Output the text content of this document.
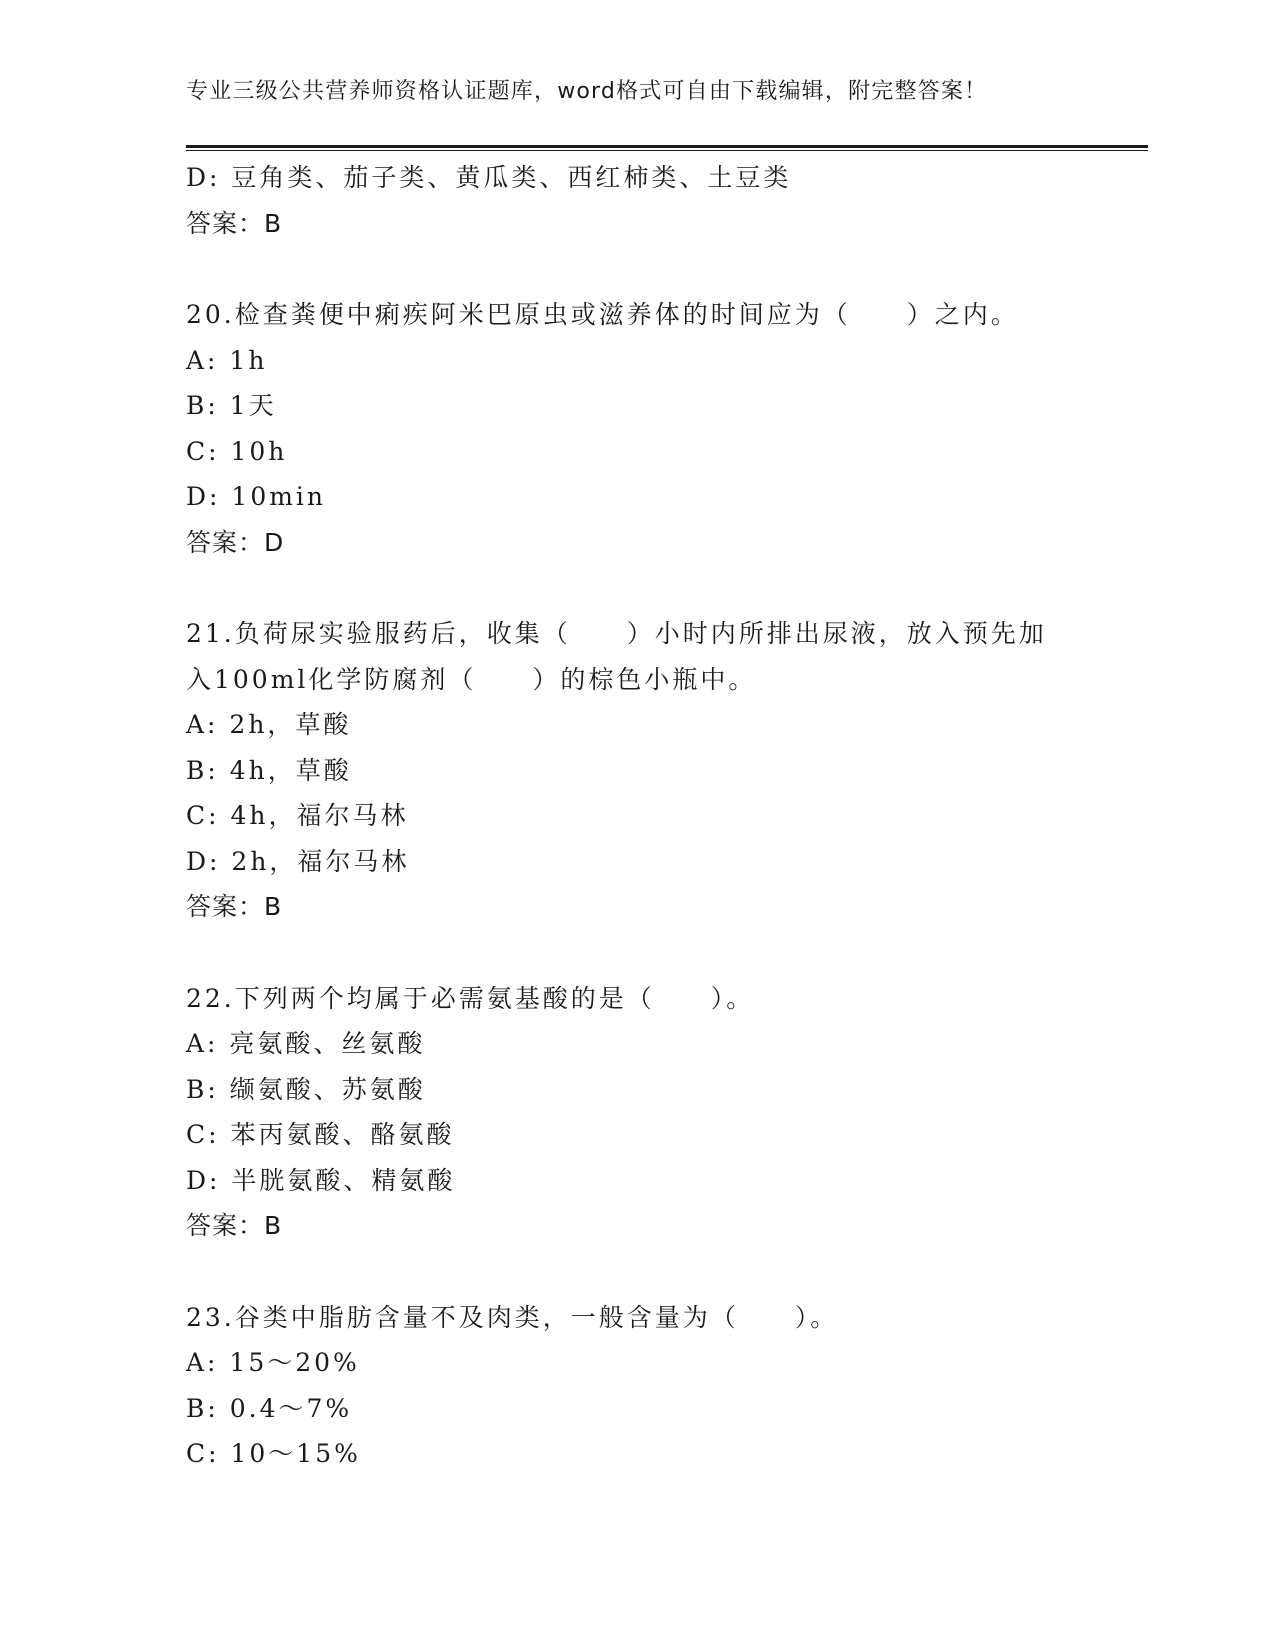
专业三级公共营养师资格认证题库，word格式可自由下载编辑，附完整答案！
D: 豆角类、茄子类、黄瓜类、西红柿类、土豆类
答案：B
20.检查粪便中痢疾阿米巴原虫或滋养体的时间应为（　　）之内。
A: 1h
B: 1天
C: 10h
D: 10min
答案：D
21.负荷尿实验服药后，收集（　　）小时内所排出尿液，放入预先加
入100ml化学防腐剂（　　）的棕色小瓶中。
A: 2h，草酸
B: 4h，草酸
C: 4h，福尔马林
D: 2h，福尔马林
答案：B
22.下列两个均属于必需氨基酸的是（　　）。
A: 亮氨酸、丝氨酸
B: 缬氨酸、苏氨酸
C: 苯丙氨酸、酪氨酸
D: 半胱氨酸、精氨酸
答案：B
23.谷类中脂肪含量不及肉类，一般含量为（　　）。
A: 15～20%
B: 0.4～7%
C: 10～15%
